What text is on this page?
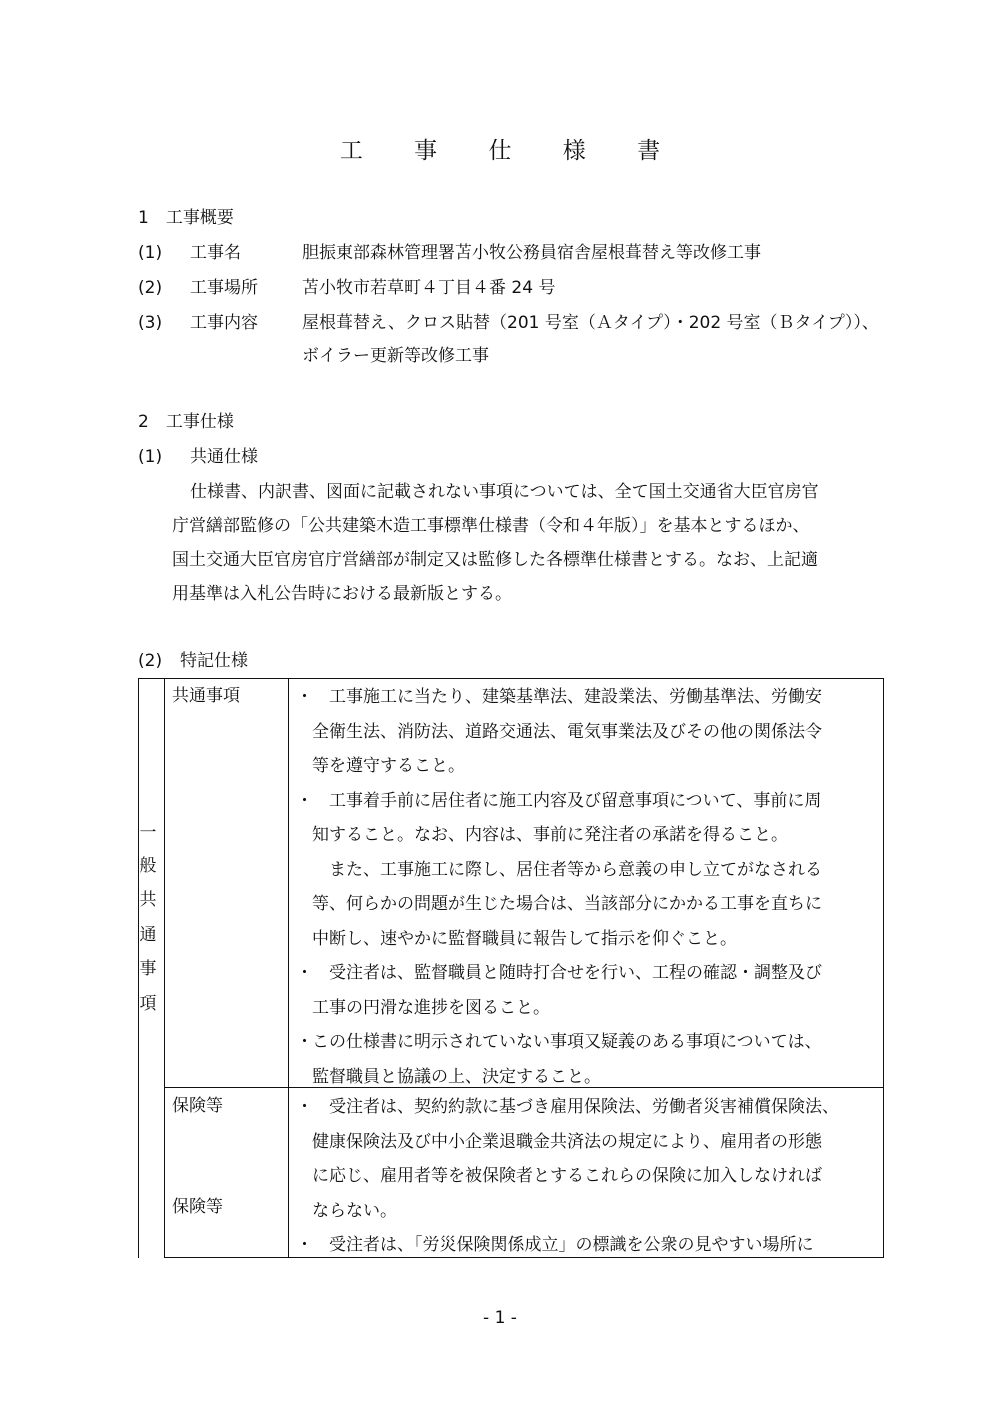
工 事 仕 様 書
1　工事概要
(1) 工事名	胆振東部森林管理署苫小牧公務員宿舎屋根葺替え等改修工事
(2) 工事場所	苫小牧市若草町４丁目４番 24 号
(3) 工事内容	屋根葺替え、クロス貼替（201 号室（Ａタイプ）・202 号室（Ｂタイプ））、
ボイラー更新等改修工事
2　工事仕様
(1) 共通仕様
仕様書、内訳書、図面に記載されない事項については、全て国土交通省大臣官房官
庁営繕部監修の「公共建築木造工事標準仕様書（令和４年版）」を基本とするほか、
国土交通大臣官房官庁営繕部が制定又は監修した各標準仕様書とする。なお、上記適
用基準は入札公告時における最新版とする。
(2) 特記仕様
一
般
共
通
事
項
共通事項	・ 　工事施工に当たり、建築基準法、建設業法、労働基準法、労働安
全衛生法、消防法、道路交通法、電気事業法及びその他の関係法令
等を遵守すること。
・ 　工事着手前に居住者に施工内容及び留意事項について、事前に周
知すること。なお、内容は、事前に発注者の承諾を得ること。
　また、工事施工に際し、居住者等から意義の申し立てがなされる
等、何らかの問題が生じた場合は、当該部分にかかる工事を直ちに
中断し、速やかに監督職員に報告して指示を仰ぐこと。
・ 　受注者は、監督職員と随時打合せを行い、工程の確認・調整及び
工事の円滑な進捗を図ること。
・ この仕様書に明示されていない事項又疑義のある事項については、
監督職員と協議の上、決定すること。
保険等
保険等
・ 　受注者は、契約約款に基づき雇用保険法、労働者災害補償保険法、
健康保険法及び中小企業退職金共済法の規定により、雇用者の形態
に応じ、雇用者等を被保険者とするこれらの保険に加入しなければ
ならない。
・ 　受注者は、「労災保険関係成立」の標識を公衆の見やすい場所に
- 1 -
